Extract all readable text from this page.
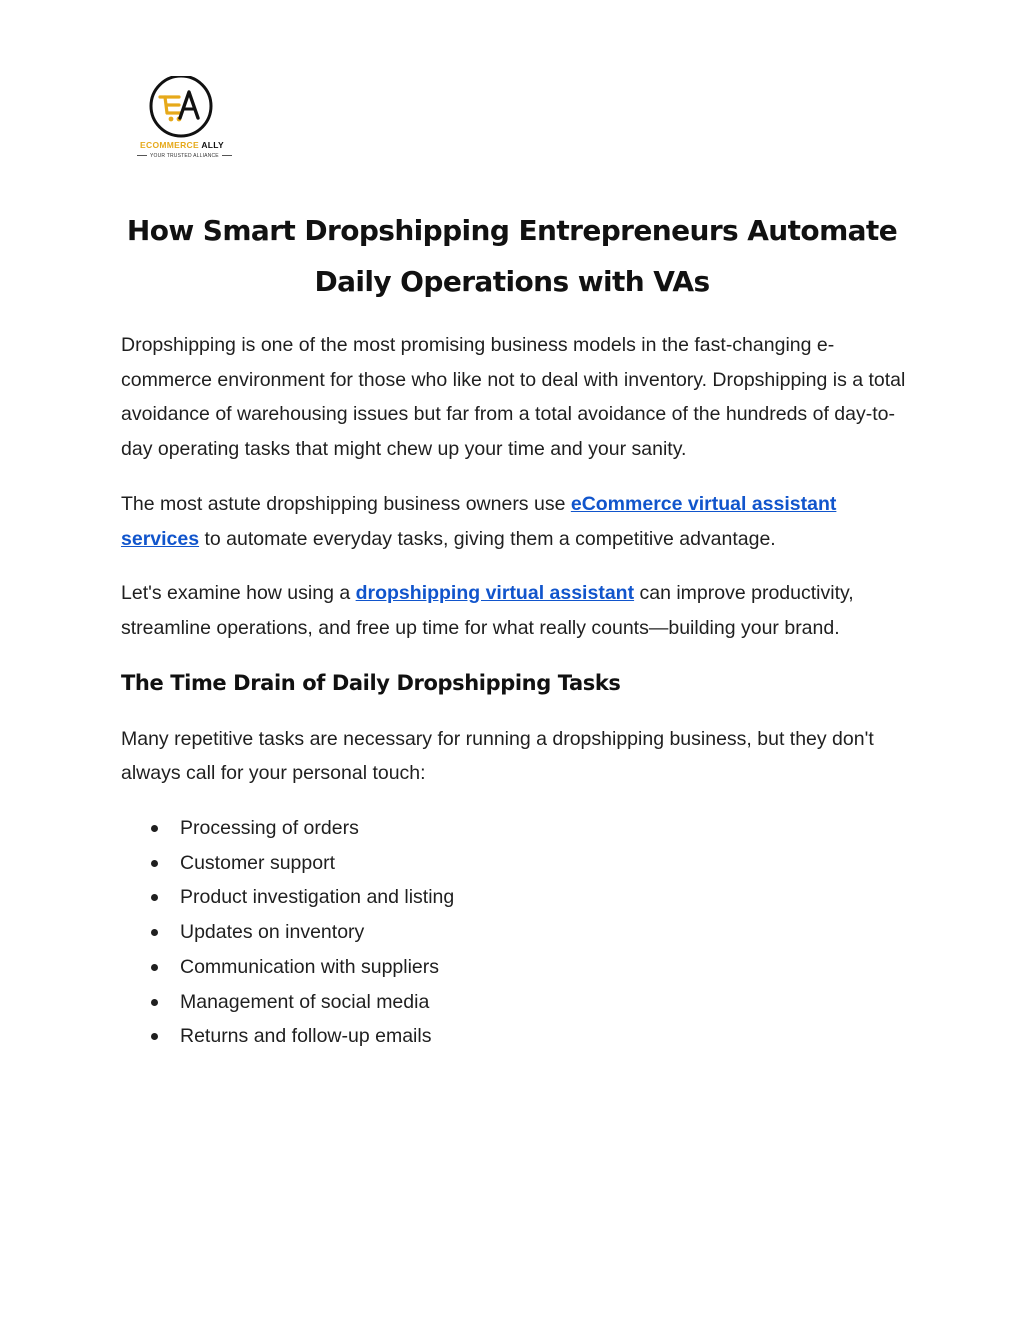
ECOMMERCE ALLY
YOUR TRUSTED ALLIANCE
How Smart Dropshipping Entrepreneurs Automate Daily Operations with VAs

Dropshipping is one of the most promising business models in the fast-changing e-commerce environment for those who like not to deal with inventory. Dropshipping is a total avoidance of warehousing issues but far from a total avoidance of the hundreds of day-to-day operating tasks that might chew up your time and your sanity.

The most astute dropshipping business owners use eCommerce virtual assistant services to automate everyday tasks, giving them a competitive advantage.

Let's examine how using a dropshipping virtual assistant can improve productivity, streamline operations, and free up time for what really counts—building your brand.

The Time Drain of Daily Dropshipping Tasks

Many repetitive tasks are necessary for running a dropshipping business, but they don't always call for your personal touch:

Processing of orders
Customer support
Product investigation and listing
Updates on inventory
Communication with suppliers
Management of social media
Returns and follow-up emails
